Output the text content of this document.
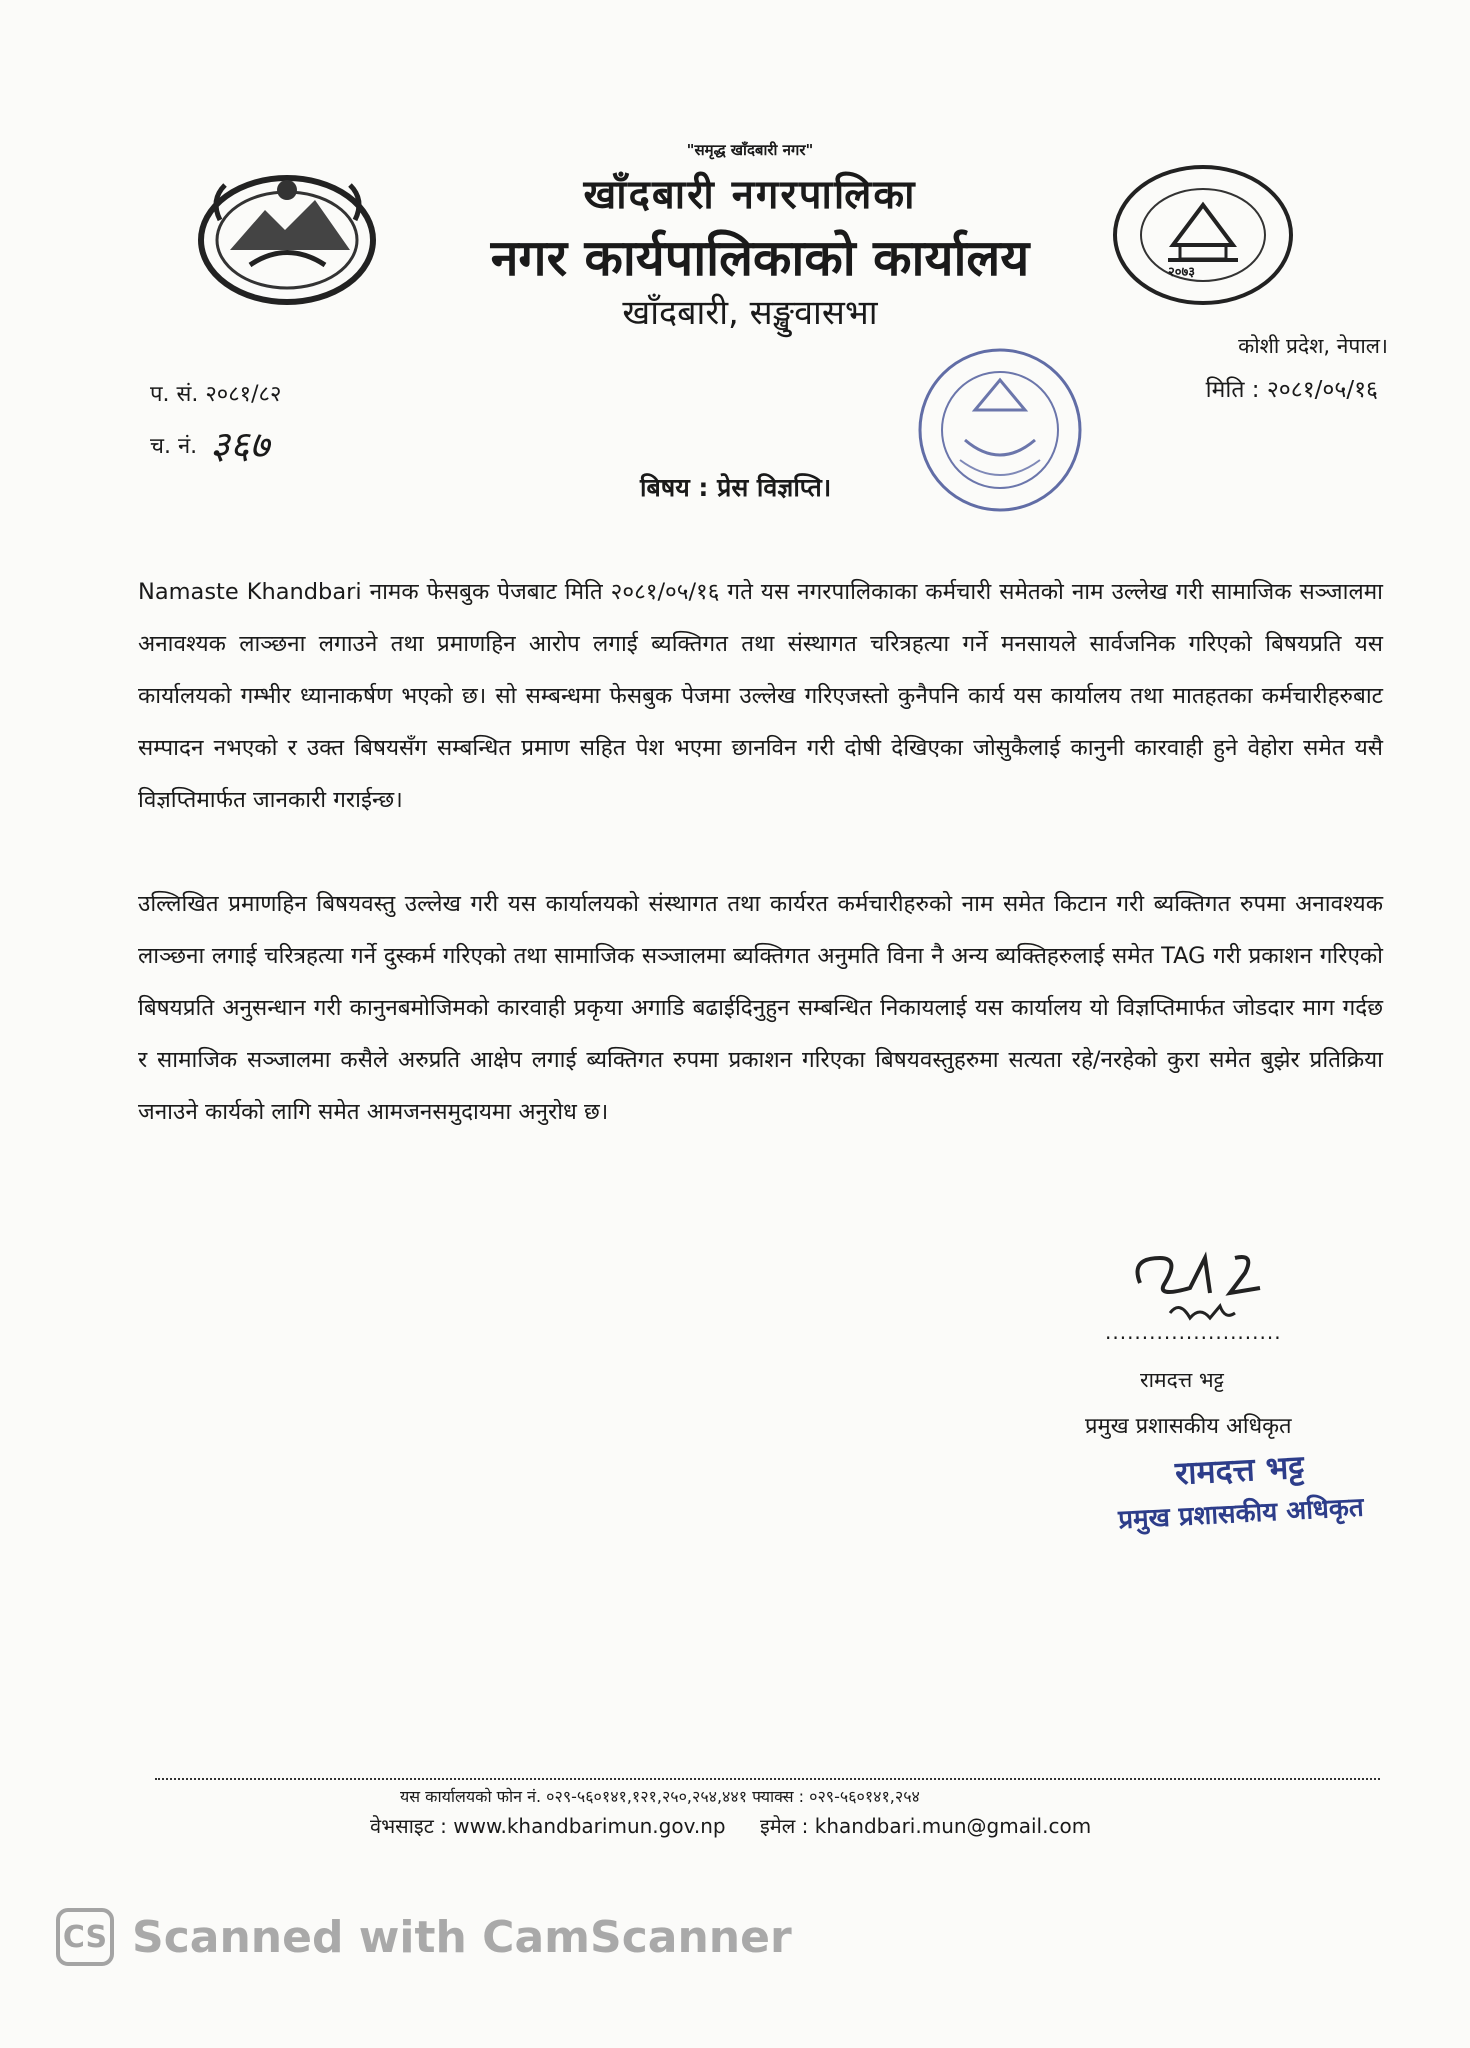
२०७३
"समृद्ध खाँदबारी नगर"
खाँदबारी नगरपालिका
नगर कार्यपालिकाको कार्यालय
खाँदबारी, सङ्खुवासभा
कोशी प्रदेश, नेपाल।
प. सं. २०८१/८२
च. नं. ३६७
मिति : २०८१/०५/१६
बिषय : प्रेस विज्ञप्ति।

Namaste Khandbari नामक फेसबुक पेजबाट मिति २०८१/०५/१६ गते यस नगरपालिकाका कर्मचारी समेतको नाम उल्लेख गरी सामाजिक सञ्जालमा अनावश्यक लाञ्छना लगाउने तथा प्रमाणहिन आरोप लगाई ब्यक्तिगत तथा संस्थागत चरित्रहत्या गर्ने मनसायले सार्वजनिक गरिएको बिषयप्रति यस कार्यालयको गम्भीर ध्यानाकर्षण भएको छ। सो सम्बन्धमा फेसबुक पेजमा उल्लेख गरिएजस्तो कुनैपनि कार्य यस कार्यालय तथा मातहतका कर्मचारीहरुबाट सम्पादन नभएको र उक्त बिषयसँग सम्बन्धित प्रमाण सहित पेश भएमा छानविन गरी दोषी देखिएका जोसुकैलाई कानुनी कारवाही हुने वेहोरा समेत यसै विज्ञप्तिमार्फत जानकारी गराईन्छ।

उल्लिखित प्रमाणहिन बिषयवस्तु उल्लेख गरी यस कार्यालयको संस्थागत तथा कार्यरत कर्मचारीहरुको नाम समेत किटान गरी ब्यक्तिगत रुपमा अनावश्यक लाञ्छना लगाई चरित्रहत्या गर्ने दुस्कर्म गरिएको तथा सामाजिक सञ्जालमा ब्यक्तिगत अनुमति विना नै अन्य ब्यक्तिहरुलाई समेत TAG गरी प्रकाशन गरिएको बिषयप्रति अनुसन्धान गरी कानुनबमोजिमको कारवाही प्रकृया अगाडि बढाईदिनुहुन सम्बन्धित निकायलाई यस कार्यालय यो विज्ञप्तिमार्फत जोडदार माग गर्दछ र सामाजिक सञ्जालमा कसैले अरुप्रति आक्षेप लगाई ब्यक्तिगत रुपमा प्रकाशन गरिएका बिषयवस्तुहरुमा सत्यता रहे/नरहेको कुरा समेत बुझेर प्रतिक्रिया जनाउने कार्यको लागि समेत आमजनसमुदायमा अनुरोध छ।

........................
रामदत्त भट्ट
प्रमुख प्रशासकीय अधिकृत
रामदत्त भट्ट
प्रमुख प्रशासकीय अधिकृत
यस कार्यालयको फोन नं. ०२९-५६०१४१,१२१,२५०,२५४,४४१ फ्याक्स : ०२९-५६०१४१,२५४
वेभसाइट : www.khandbarimun.gov.np इमेल : khandbari.mun@gmail.com
CS Scanned with CamScanner
